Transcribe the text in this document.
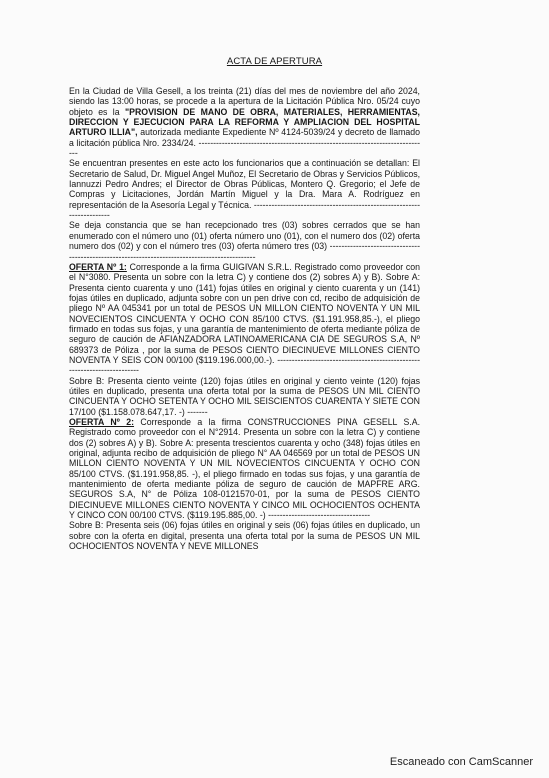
ACTA DE APERTURA

En la Ciudad de Villa Gesell, a los treinta (21) días del mes de noviembre del año 2024, siendo las 13:00 horas, se procede a la apertura de la Licitación Pública Nro. 05/24 cuyo objeto es la "PROVISION DE MANO DE OBRA, MATERIALES, HERRAMIENTAS, DIRECCION Y EJECUCION PARA LA REFORMA Y AMPLIACION DEL HOSPITAL ARTURO ILLIA", autorizada mediante Expediente Nº 4124-5039/24 y decreto de llamado a licitación pública Nro. 2334/24. -------------------------------------------------------------------------------

Se encuentran presentes en este acto los funcionarios que a continuación se detallan: El Secretario de Salud, Dr. Miguel Angel Muñoz, El Secretario de Obras y Servicios Públicos, Iannuzzi Pedro Andres; el Director de Obras Públicas, Montero Q. Gregorio; el Jefe de Compras y Licitaciones, Jordán Martín Miguel y la Dra. Mara A. Rodríguez en representación de la Asesoría Legal y Técnica. -----------------------------------------------------------------------

Se deja constancia que se han recepcionado tres (03) sobres cerrados que se han enumerado con el número uno (01) oferta número uno (01), con el numero dos (02) oferta numero dos (02) y con el número tres (03) oferta número tres (03) -----------------------------------------------------------------------------------------------

OFERTA Nº 1: Corresponde a la firma GUIGIVAN S.R.L. Registrado como proveedor con el N°3080. Presenta un sobre con la letra C) y contiene dos (2) sobres A) y B). Sobre A: Presenta ciento cuarenta y uno (141) fojas útiles en original y ciento cuarenta y un (141) fojas útiles en duplicado, adjunta sobre con un pen drive con cd, recibo de adquisición de pliego Nº AA 045341 por un total de PESOS UN MILLON CIENTO NOVENTA Y UN MIL NOVECIENTOS CINCUENTA Y OCHO CON 85/100 CTVS. ($1.191.958,85.-), el pliego firmado en todas sus fojas, y una garantía de mantenimiento de oferta mediante póliza de seguro de caución de AFIANZADORA LATINOAMERICANA CIA DE SEGUROS S.A, Nº 689373 de Póliza , por la suma de PESOS CIENTO DIECINUEVE MILLONES CIENTO NOVENTA Y SEIS CON 00/100 ($119.196.000,00.-). -------------------------------------------------------------------------

Sobre B: Presenta ciento veinte (120) fojas útiles en original y ciento veinte (120) fojas útiles en duplicado, presenta una oferta total por la suma de PESOS UN MIL CIENTO CINCUENTA Y OCHO SETENTA Y OCHO MIL SEISCIENTOS CUARENTA Y SIETE CON 17/100 ($1.158.078.647,17. -) -------

OFERTA Nº 2: Corresponde a la firma CONSTRUCCIONES PINA GESELL S.A. Registrado como proveedor con el N°2914. Presenta un sobre con la letra C) y contiene dos (2) sobres A) y B). Sobre A: presenta trescientos cuarenta y ocho (348) fojas útiles en original, adjunta recibo de adquisición de pliego N° AA 046569 por un total de PESOS UN MILLON CIENTO NOVENTA Y UN MIL NOVECIENTOS CINCUENTA Y OCHO CON 85/100 CTVS. ($1.191.958,85. -), el pliego firmado en todas sus fojas, y una garantía de mantenimiento de oferta mediante póliza de seguro de caución de MAPFRE ARG. SEGUROS S.A, N° de Póliza 108-0121570-01, por la suma de PESOS CIENTO DIECINUEVE MILLONES CIENTO NOVENTA Y CINCO MIL OCHOCIENTOS OCHENTA Y CINCO CON 00/100 CTVS. ($119.195.885,00. -) -----------------------------------

Sobre B: Presenta seis (06) fojas útiles en original y seis (06) fojas útiles en duplicado, un sobre con la oferta en digital, presenta una oferta total por la suma de PESOS UN MIL OCHOCIENTOS NOVENTA Y NEVE MILLONES

Escaneado con CamScanner
